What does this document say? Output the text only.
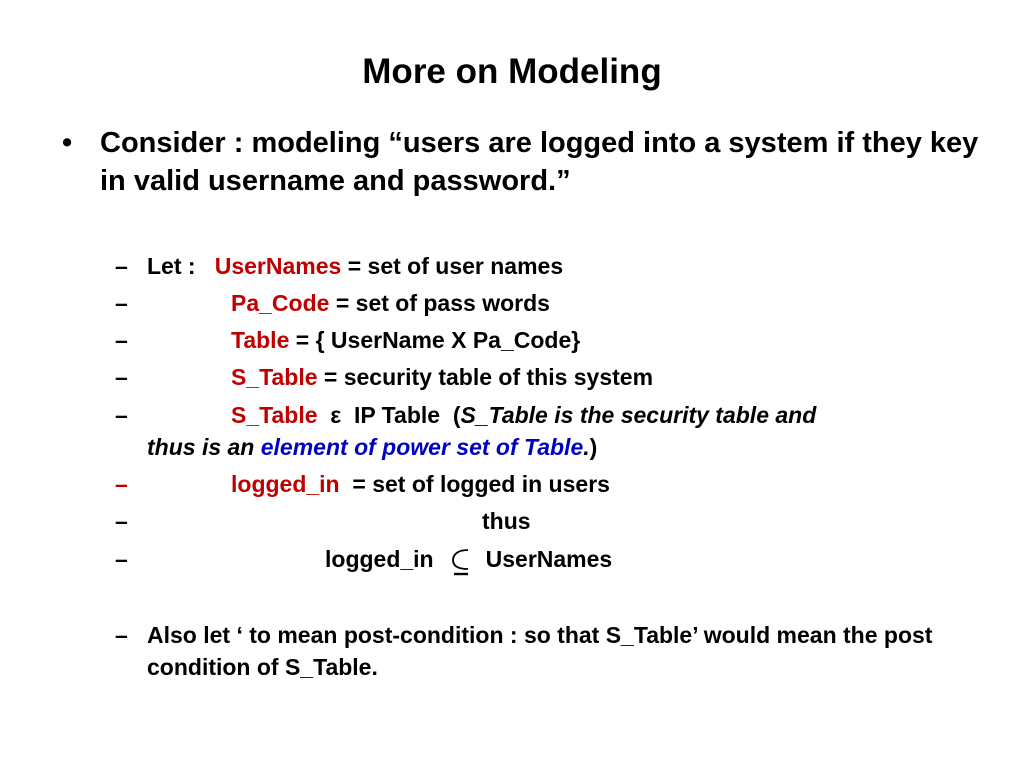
More on Modeling
• Consider : modeling “users are logged into a system if they key in valid username and password.”
– Let :   UserNames = set of user names
–	Pa_Code = set of pass words
–	Table = { UserName X Pa_Code}
–	S_Table = security table of this system
–	S_Table  ε  IP Table  (S_Table is the security table and
thus is an element of power set of Table.)
–	logged_in  = set of logged in users
–	thus
–	logged_in UserNames
– Also let ‘ to mean post-condition : so that S_Table’ would mean the post condition of S_Table.
